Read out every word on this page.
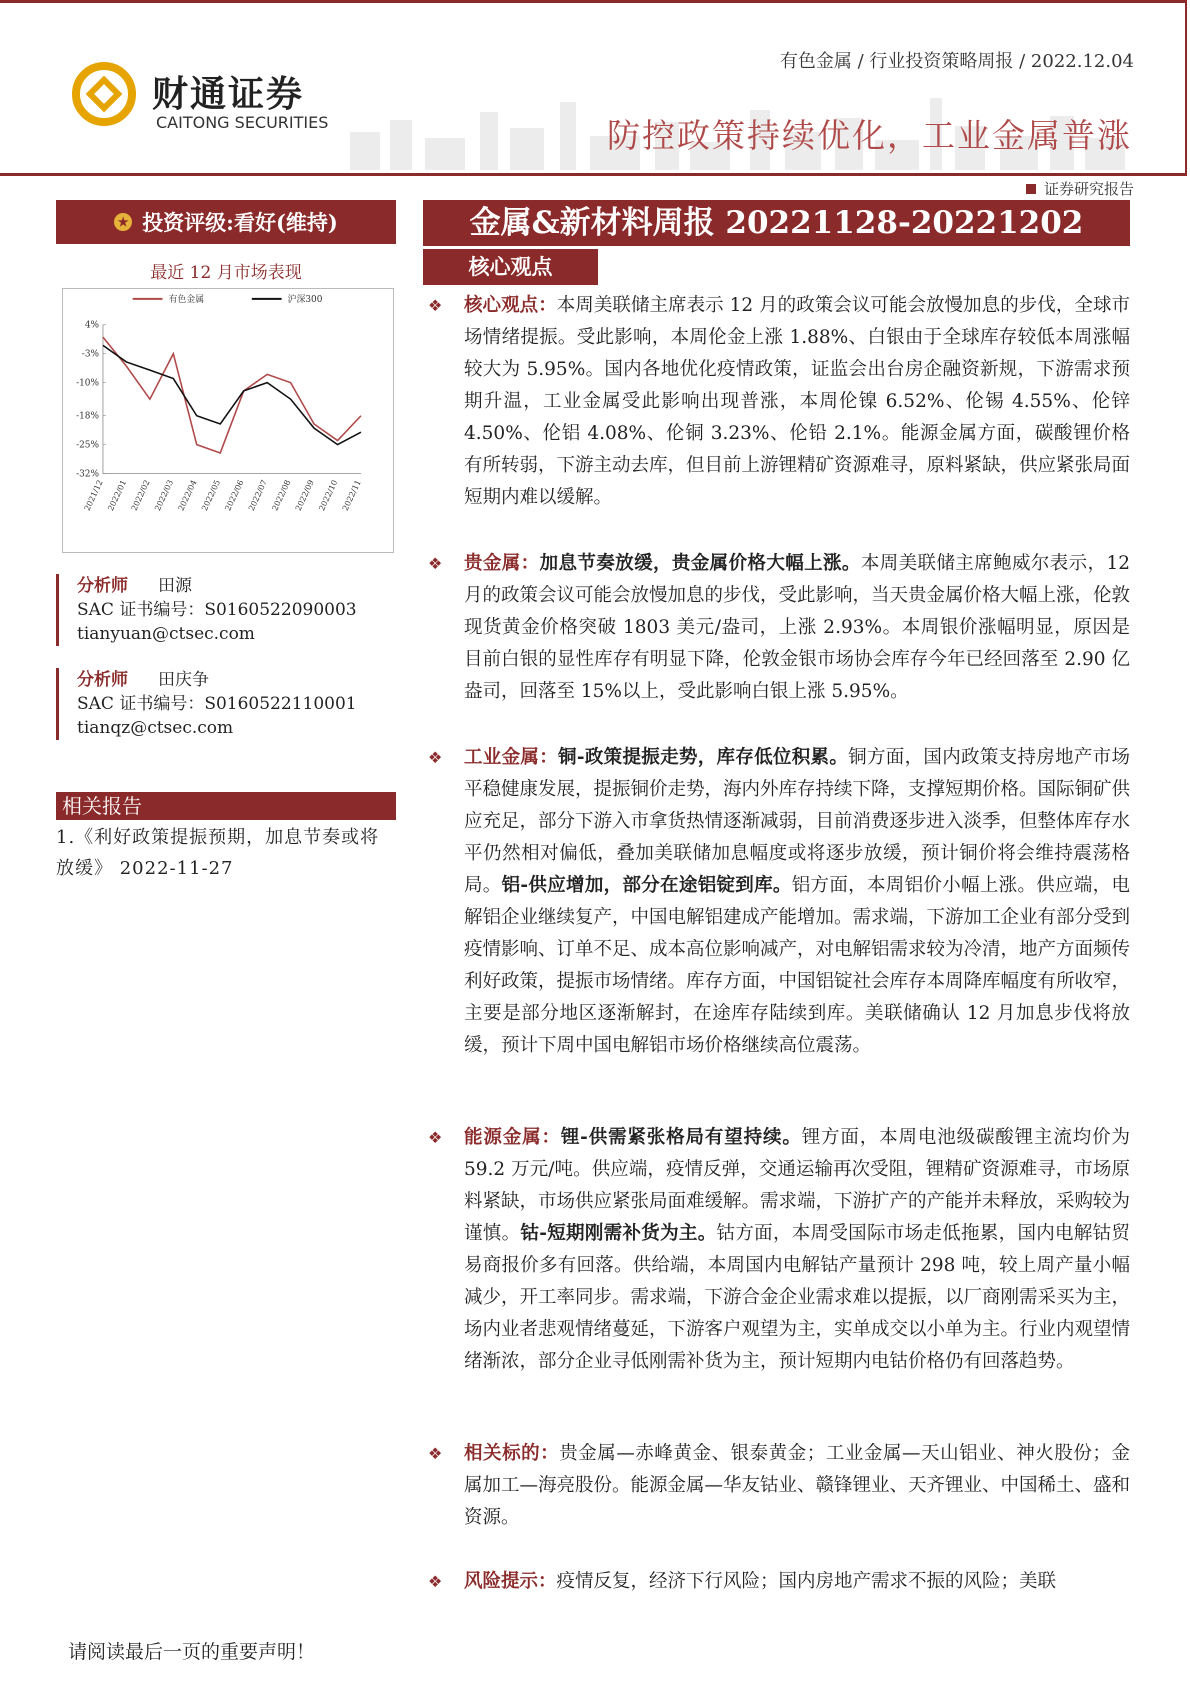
财通证券
CAITONG SECURITIES
有色金属 / 行业投资策略周报 / 2022.12.04
防控政策持续优化，工业金属普涨
证券研究报告
★ 投资评级:看好(维持)
最近 12 月市场表现
有色金属	沪深300
4%
-3%
-10%
-18%
-25%
-32%
2021/12 2022/01 2022/02 2022/03 2022/04 2022/05 2022/06 2022/07 2022/08 2022/09 2022/10 2022/11
分析师 田源
SAC 证书编号：S0160522090003
tianyuan@ctsec.com
分析师 田庆争
SAC 证书编号：S0160522110001
tianqz@ctsec.com
相关报告
1.《利好政策提振预期，加息节奏或将放缓》 2022-11-27
金属&新材料周报 20221128-20221202
核心观点
❖ 核心观点：本周美联储主席表示 12 月的政策会议可能会放慢加息的步伐，全球市场情绪提振。受此影响，本周伦金上涨 1.88%、白银由于全球库存较低本周涨幅较大为 5.95%。国内各地优化疫情政策，证监会出台房企融资新规，下游需求预期升温，工业金属受此影响出现普涨，本周伦镍 6.52%、伦锡 4.55%、伦锌 4.50%、伦铝 4.08%、伦铜 3.23%、伦铅 2.1%。能源金属方面，碳酸锂价格有所转弱，下游主动去库，但目前上游锂精矿资源难寻，原料紧缺，供应紧张局面短期内难以缓解。
❖ 贵金属：加息节奏放缓，贵金属价格大幅上涨。本周美联储主席鲍威尔表示，12 月的政策会议可能会放慢加息的步伐，受此影响，当天贵金属价格大幅上涨，伦敦现货黄金价格突破 1803 美元/盎司，上涨 2.93%。本周银价涨幅明显，原因是目前白银的显性库存有明显下降，伦敦金银市场协会库存今年已经回落至 2.90 亿盎司，回落至 15%以上，受此影响白银上涨 5.95%。
❖ 工业金属：铜-政策提振走势，库存低位积累。铜方面，国内政策支持房地产市场平稳健康发展，提振铜价走势，海内外库存持续下降，支撑短期价格。国际铜矿供应充足，部分下游入市拿货热情逐渐减弱，目前消费逐步进入淡季，但整体库存水平仍然相对偏低，叠加美联储加息幅度或将逐步放缓，预计铜价将会维持震荡格局。铝-供应增加，部分在途铝锭到库。铝方面，本周铝价小幅上涨。供应端，电解铝企业继续复产，中国电解铝建成产能增加。需求端，下游加工企业有部分受到疫情影响、订单不足、成本高位影响减产，对电解铝需求较为冷清，地产方面频传利好政策，提振市场情绪。库存方面，中国铝锭社会库存本周降库幅度有所收窄，主要是部分地区逐渐解封，在途库存陆续到库。美联储确认 12 月加息步伐将放缓，预计下周中国电解铝市场价格继续高位震荡。
❖ 能源金属：锂-供需紧张格局有望持续。锂方面，本周电池级碳酸锂主流均价为 59.2 万元/吨。供应端，疫情反弹，交通运输再次受阻，锂精矿资源难寻，市场原料紧缺，市场供应紧张局面难缓解。需求端，下游扩产的产能并未释放，采购较为谨慎。钴-短期刚需补货为主。钴方面，本周受国际市场走低拖累，国内电解钴贸易商报价多有回落。供给端，本周国内电解钴产量预计 298 吨，较上周产量小幅减少，开工率同步。需求端，下游合金企业需求难以提振，以厂商刚需采买为主，场内业者悲观情绪蔓延，下游客户观望为主，实单成交以小单为主。行业内观望情绪渐浓，部分企业寻低刚需补货为主，预计短期内电钴价格仍有回落趋势。
❖ 相关标的：贵金属—赤峰黄金、银泰黄金；工业金属—天山铝业、神火股份；金属加工—海亮股份。能源金属—华友钴业、赣锋锂业、天齐锂业、中国稀土、盛和资源。
❖ 风险提示：疫情反复，经济下行风险；国内房地产需求不振的风险；美联
请阅读最后一页的重要声明！
